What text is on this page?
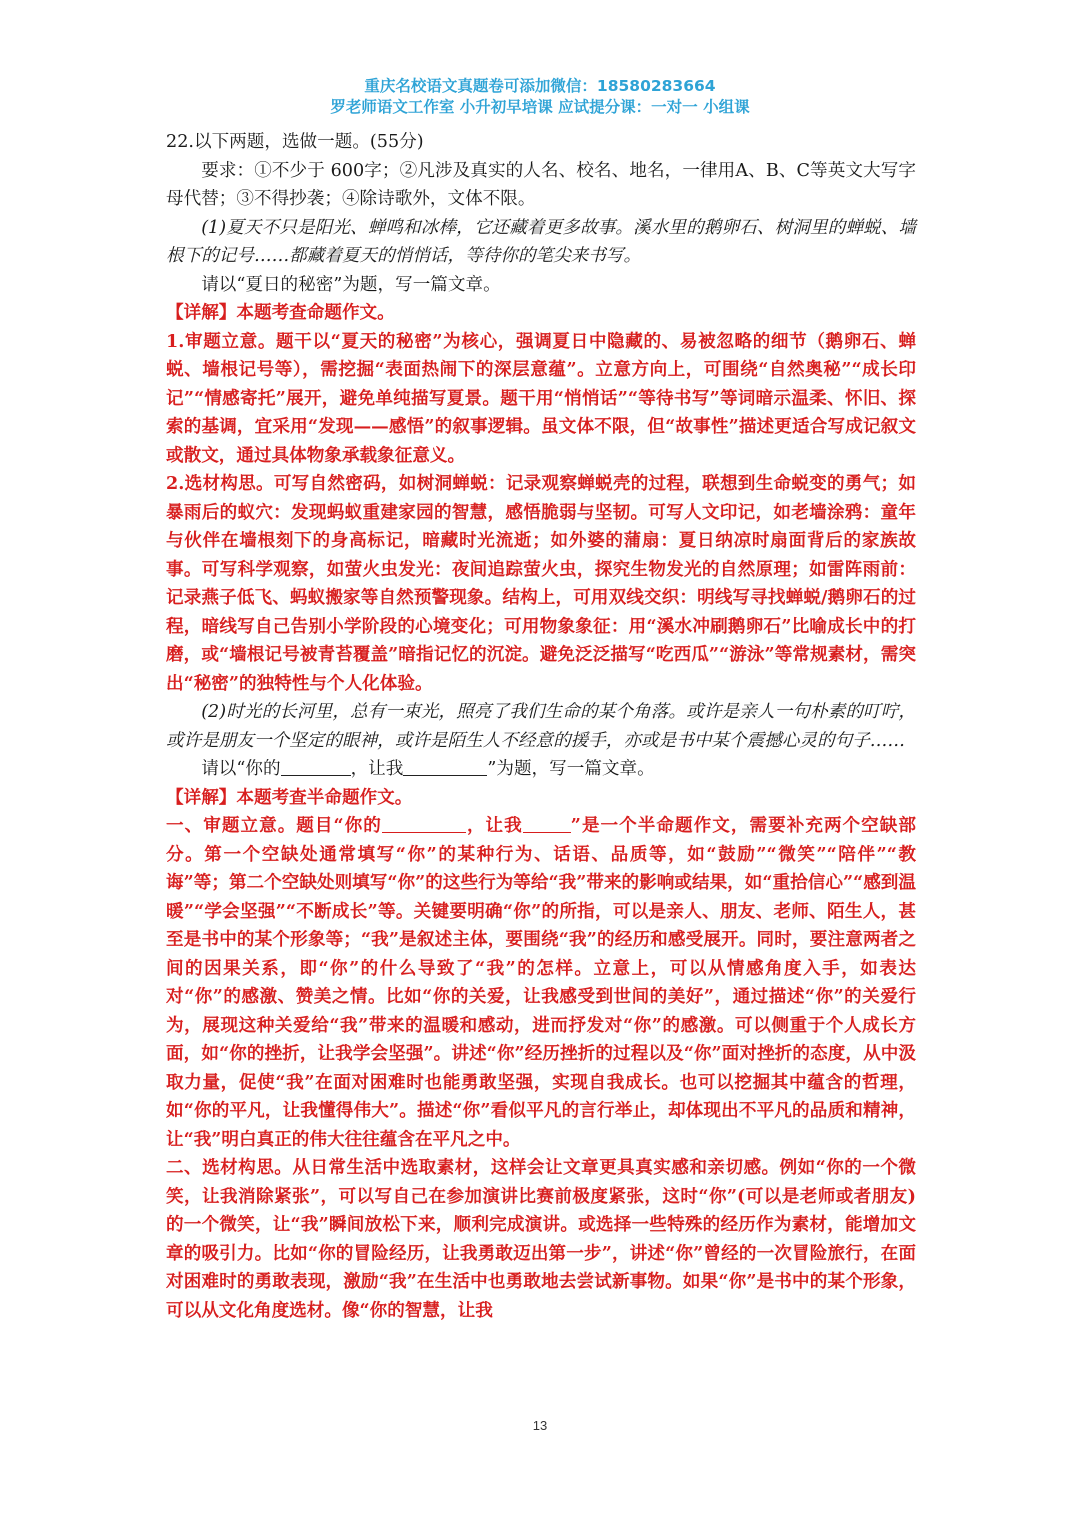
重庆名校语文真题卷可添加微信：18580283664
罗老师语文工作室 小升初早培课 应试提分课：一对一 小组课

22.以下两题，选做一题。(55分)

要求：①不少于 600字；②凡涉及真实的人名、校名、地名，一律用A、B、C等英文大写字母代替；③不得抄袭；④除诗歌外，文体不限。

(1)夏天不只是阳光、蝉鸣和冰棒，它还藏着更多故事。溪水里的鹅卵石、树洞里的蝉蜕、墙根下的记号……都藏着夏天的悄悄话，等待你的笔尖来书写。

请以“夏日的秘密”为题，写一篇文章。

【详解】本题考查命题作文。

1.审题立意。题干以“夏天的秘密”为核心，强调夏日中隐藏的、易被忽略的细节（鹅卵石、蝉蜕、墙根记号等），需挖掘“表面热闹下的深层意蕴”。立意方向上，可围绕“自然奥秘”“成长印记”“情感寄托”展开，避免单纯描写夏景。题干用“悄悄话”“等待书写”等词暗示温柔、怀旧、探索的基调，宜采用“发现——感悟”的叙事逻辑。虽文体不限，但“故事性”描述更适合写成记叙文或散文，通过具体物象承载象征意义。

2.选材构思。可写自然密码，如树洞蝉蜕：记录观察蝉蜕壳的过程，联想到生命蜕变的勇气；如暴雨后的蚁穴：发现蚂蚁重建家园的智慧，感悟脆弱与坚韧。可写人文印记，如老墙涂鸦：童年与伙伴在墙根刻下的身高标记，暗藏时光流逝；如外婆的蒲扇：夏日纳凉时扇面背后的家族故事。可写科学观察，如萤火虫发光：夜间追踪萤火虫，探究生物发光的自然原理；如雷阵雨前：记录燕子低飞、蚂蚁搬家等自然预警现象。结构上，可用双线交织：明线写寻找蝉蜕/鹅卵石的过程，暗线写自己告别小学阶段的心境变化；可用物象象征：用“溪水冲刷鹅卵石”比喻成长中的打磨，或“墙根记号被青苔覆盖”暗指记忆的沉淀。避免泛泛描写“吃西瓜”“游泳”等常规素材，需突出“秘密”的独特性与个人化体验。

(2)时光的长河里，总有一束光，照亮了我们生命的某个角落。或许是亲人一句朴素的叮咛，或许是朋友一个坚定的眼神，或许是陌生人不经意的援手，亦或是书中某个震撼心灵的句子……

请以“你的	，让我	”为题，写一篇文章。

【详解】本题考查半命题作文。

一、审题立意。题目“你的	，让我	”是一个半命题作文，需要补充两个空缺部分。第一个空缺处通常填写“你”的某种行为、话语、品质等，如“鼓励”“微笑”“陪伴”“教诲”等；第二个空缺处则填写“你”的这些行为等给“我”带来的影响或结果，如“重拾信心”“感到温暖”“学会坚强”“不断成长”等。关键要明确“你”的所指，可以是亲人、朋友、老师、陌生人，甚至是书中的某个形象等；“我”是叙述主体，要围绕“我”的经历和感受展开。同时，要注意两者之间的因果关系，即“你”的什么导致了“我”的怎样。立意上，可以从情感角度入手，如表达对“你”的感激、赞美之情。比如“你的关爱，让我感受到世间的美好”，通过描述“你”的关爱行为，展现这种关爱给“我”带来的温暖和感动，进而抒发对“你”的感激。可以侧重于个人成长方面，如“你的挫折，让我学会坚强”。讲述“你”经历挫折的过程以及“你”面对挫折的态度，从中汲取力量，促使“我”在面对困难时也能勇敢坚强，实现自我成长。也可以挖掘其中蕴含的哲理，如“你的平凡，让我懂得伟大”。描述“你”看似平凡的言行举止，却体现出不平凡的品质和精神，让“我”明白真正的伟大往往蕴含在平凡之中。

二、选材构思。从日常生活中选取素材，这样会让文章更具真实感和亲切感。例如“你的一个微笑，让我消除紧张”，可以写自己在参加演讲比赛前极度紧张，这时“你”(可以是老师或者朋友)的一个微笑，让“我”瞬间放松下来，顺利完成演讲。或选择一些特殊的经历作为素材，能增加文章的吸引力。比如“你的冒险经历，让我勇敢迈出第一步”，讲述“你”曾经的一次冒险旅行，在面对困难时的勇敢表现，激励“我”在生活中也勇敢地去尝试新事物。如果“你”是书中的某个形象，可以从文化角度选材。像“你的智慧，让我

13
